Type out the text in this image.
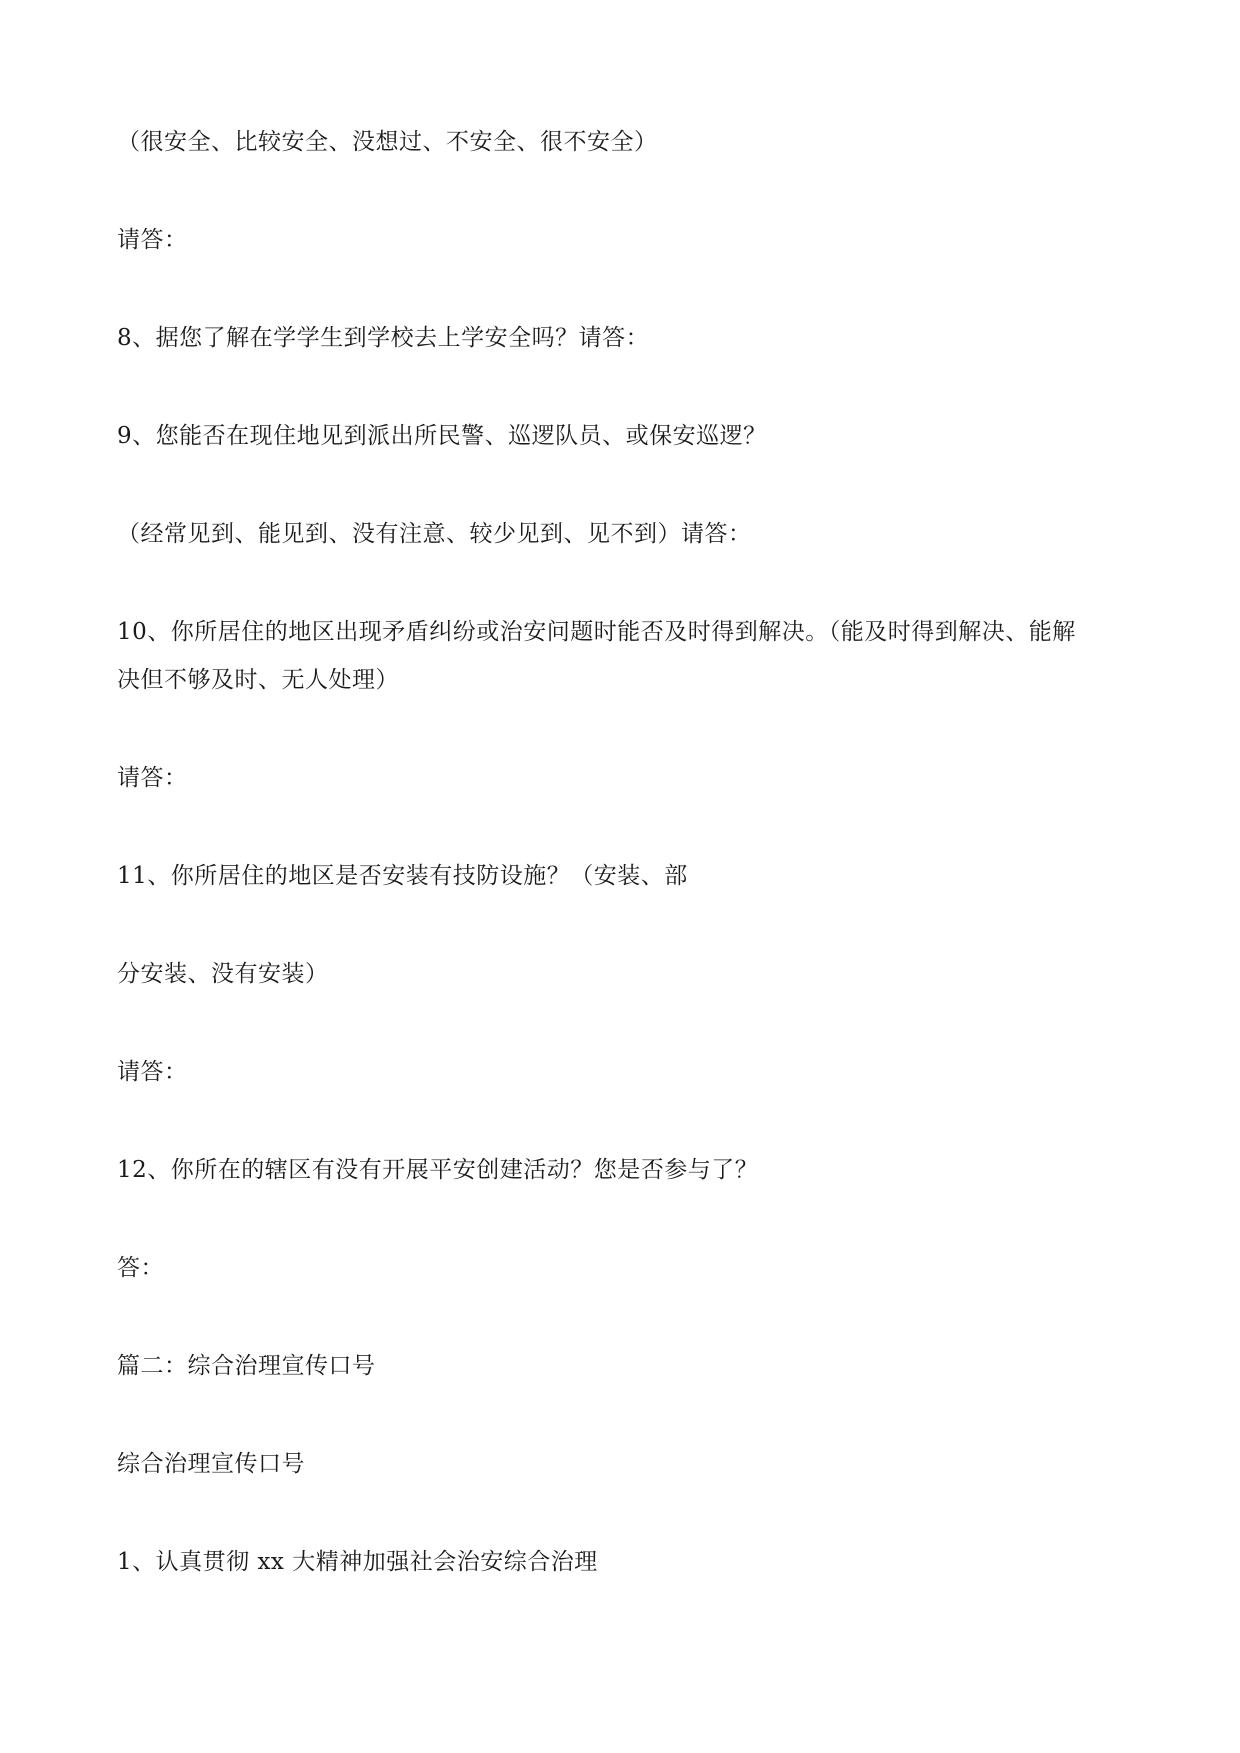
（很安全、比较安全、没想过、不安全、很不安全）
请答：
8、据您了解在学学生到学校去上学安全吗？请答：
9、您能否在现住地见到派出所民警、巡逻队员、或保安巡逻？
（经常见到、能见到、没有注意、较少见到、见不到）请答：
10、你所居住的地区出现矛盾纠纷或治安问题时能否及时得到解决。（能及时得到解决、能解
决但不够及时、无人处理）
请答：
11、你所居住的地区是否安装有技防设施？（安装、部
分安装、没有安装）
请答：
12、你所在的辖区有没有开展平安创建活动？您是否参与了？
答：
篇二：综合治理宣传口号
综合治理宣传口号
1、认真贯彻 xx 大精神加强社会治安综合治理
